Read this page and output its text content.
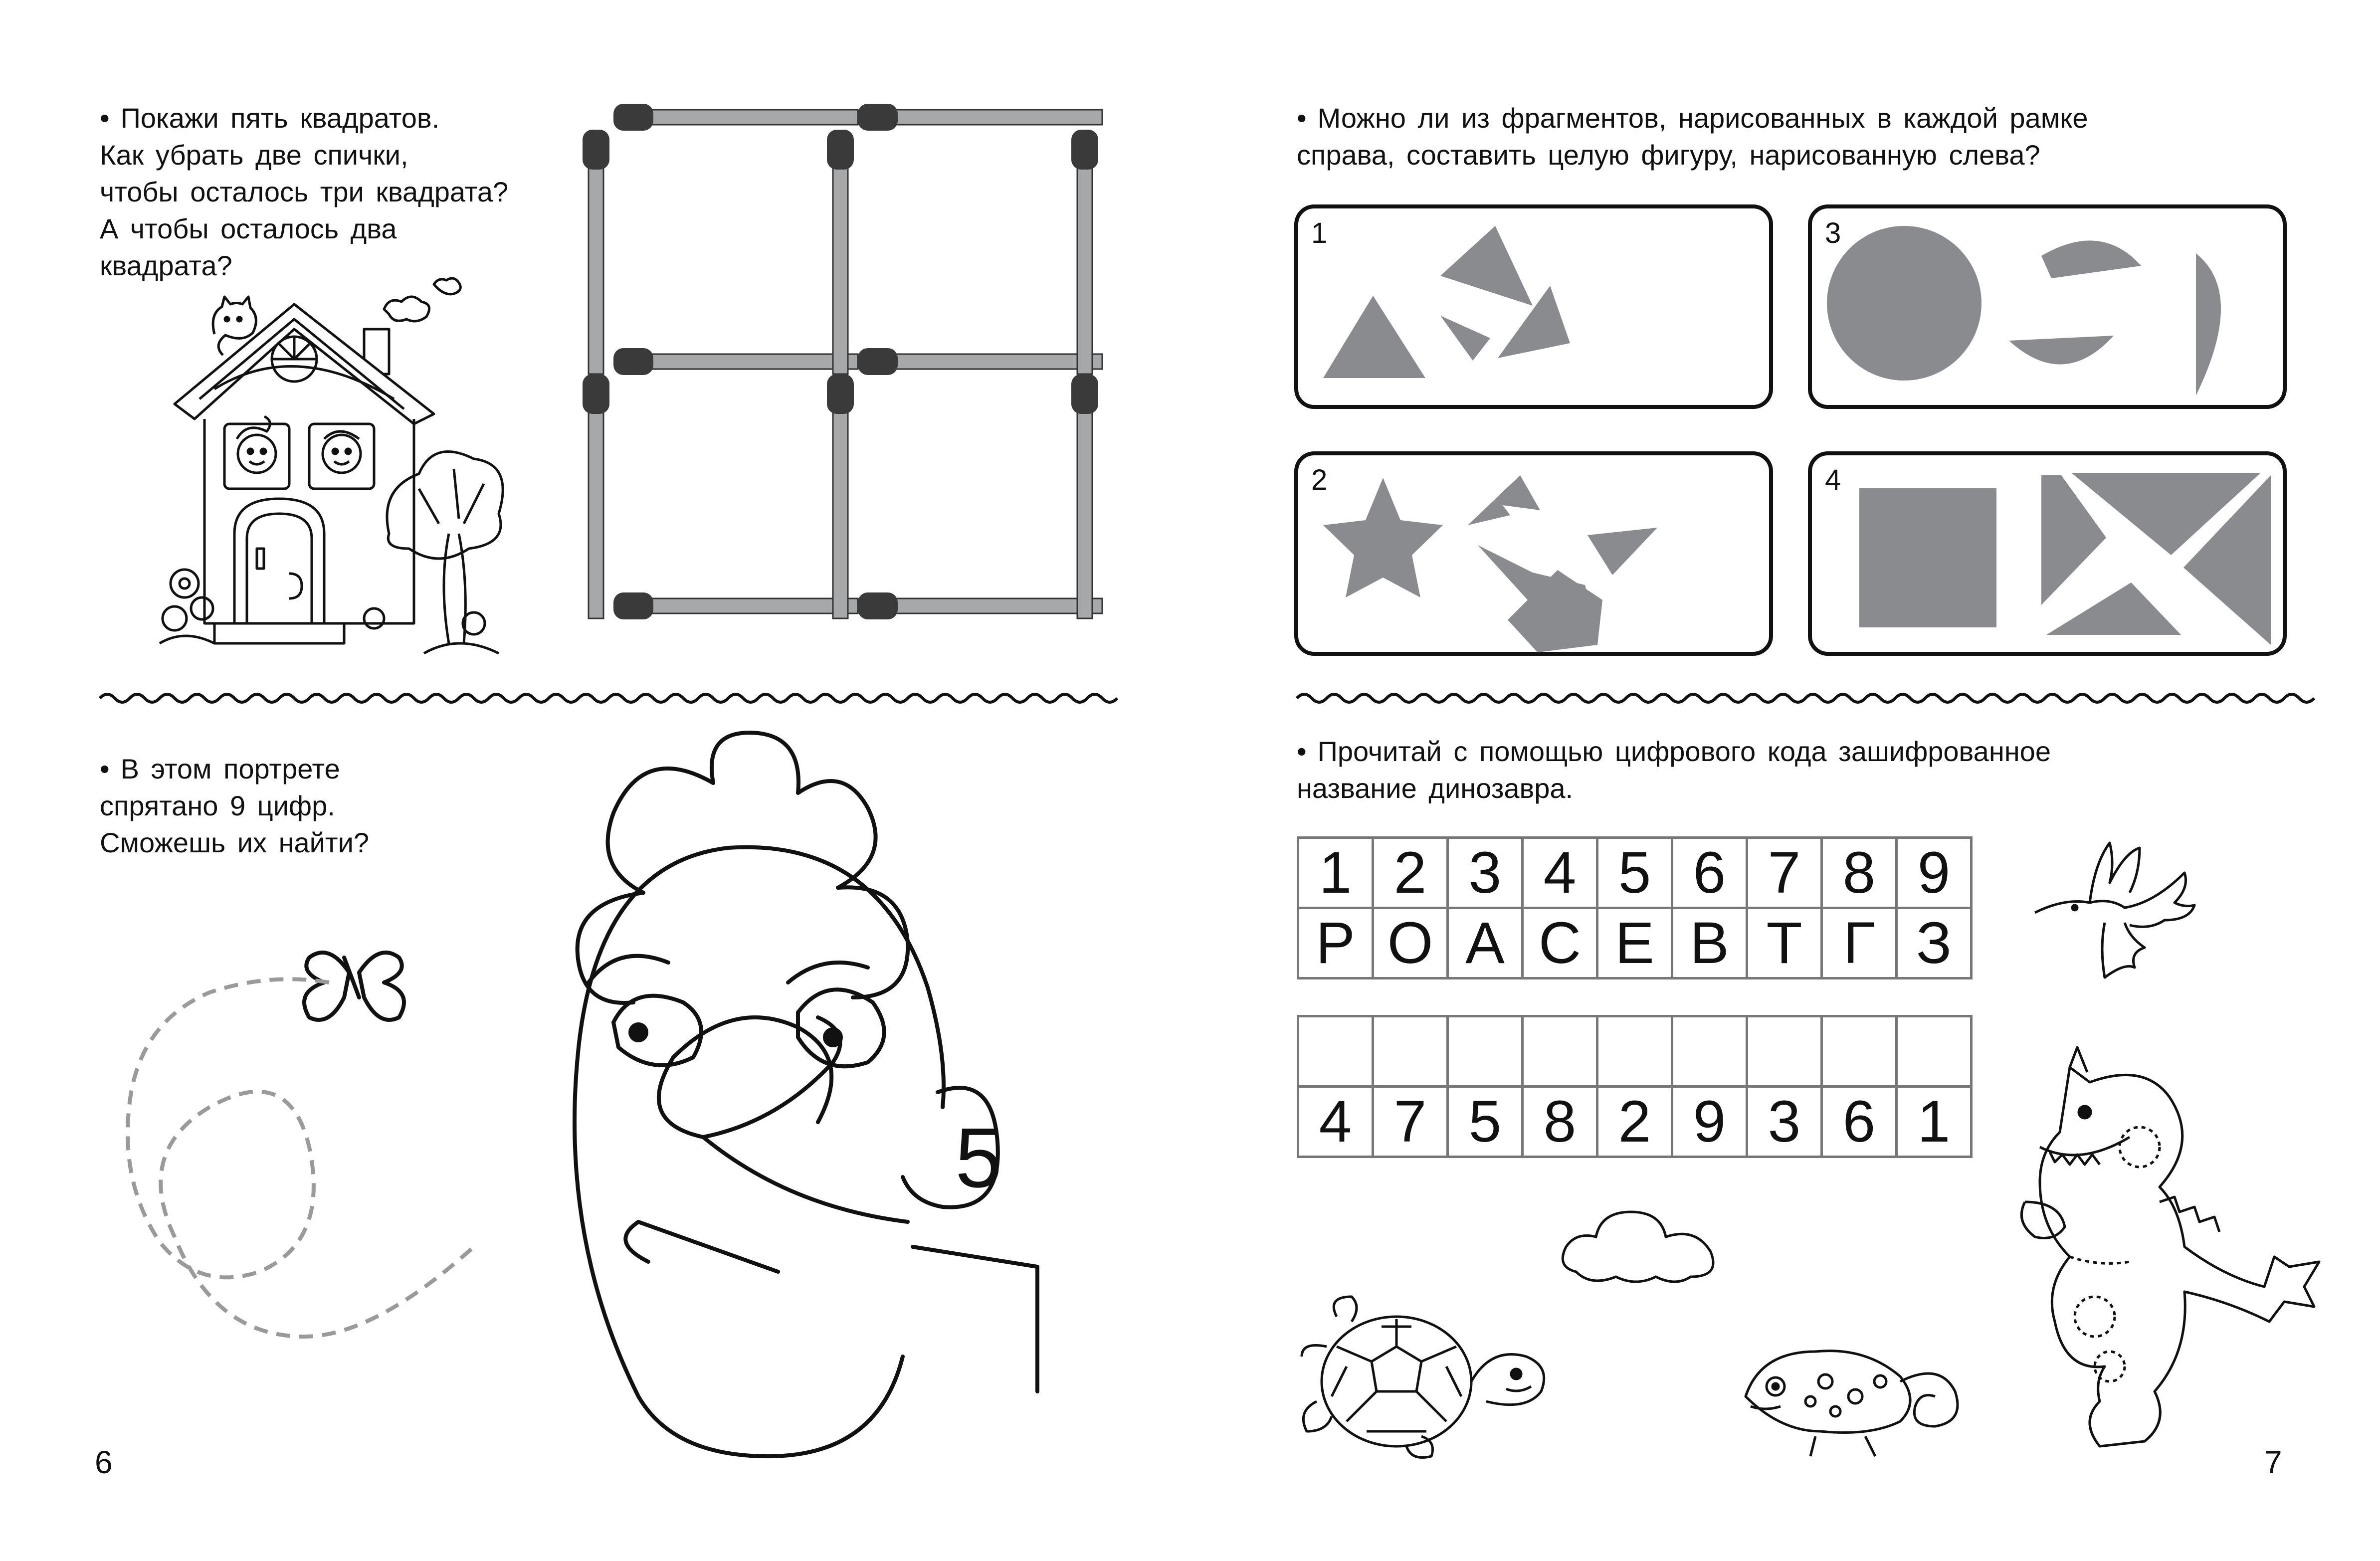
• Покажи пять квадратов.
Как убрать две спички,
чтобы осталось три квадрата?
А чтобы осталось два
квадрата?
• В этом портрете
спрятано 9 цифр.
Сможешь их найти?
5
6
• Можно ли из фрагментов, нарисованных в каждой рамке
справа, составить целую фигуру, нарисованную слева?
1
2
3
4
• Прочитай с помощью цифрового кода зашифрованное
название динозавра.
1	2	3	4	5	6	7	8	9
Р	О	А	С	Е	В	Т	Г	З

4	7	5	8	2	9	3	6	1
7
